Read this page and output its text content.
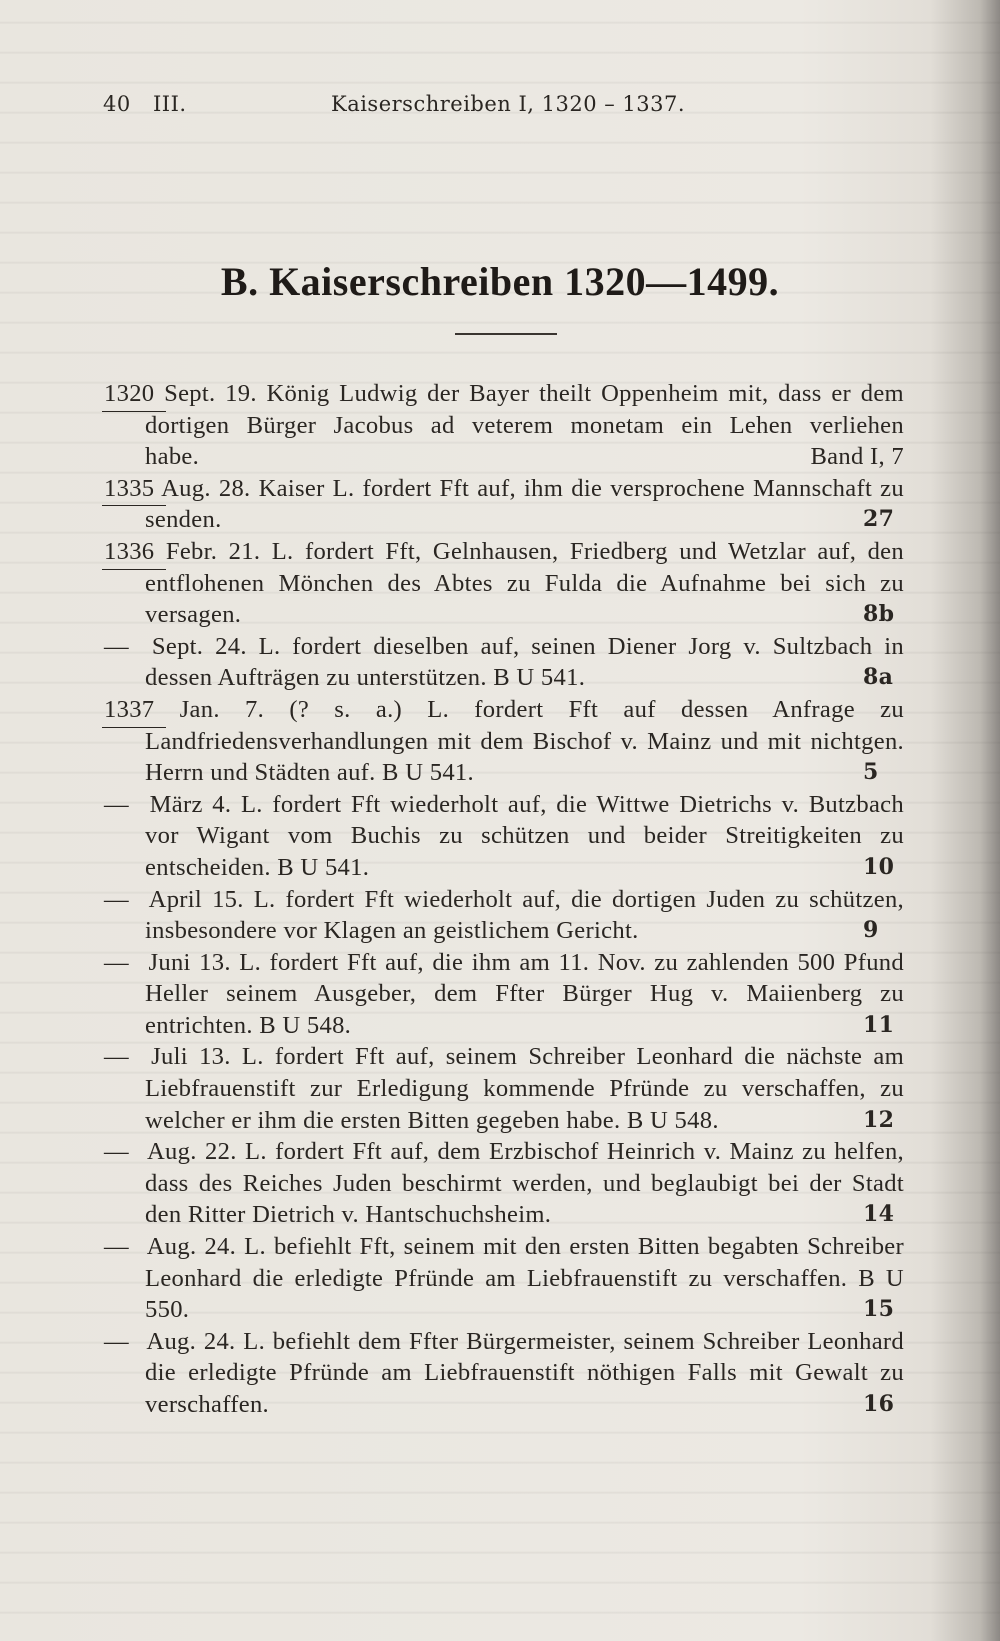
40 III.	Kaiserschreiben I, 1320 – 1337.
B. Kaiserschreiben 1320—1499.
1320 Sept. 19. König Ludwig der Bayer theilt Oppenheim mit, dass er dem dortigen Bürger Jacobus ad veterem monetam ein Lehen verliehen habe.	Band I, 7
1335 Aug. 28. Kaiser L. fordert Fft auf, ihm die versprochene Mannschaft zu senden.	27
1336 Febr. 21. L. fordert Fft, Gelnhausen, Friedberg und Wetzlar auf, den entflohenen Mönchen des Abtes zu Fulda die Aufnahme bei sich zu versagen.	8b
— Sept. 24. L. fordert dieselben auf, seinen Diener Jorg v. Sultzbach in dessen Aufträgen zu unterstützen. B U 541.	8a
1337 Jan. 7. (? s. a.) L. fordert Fft auf dessen Anfrage zu Landfriedensverhandlungen mit dem Bischof v. Mainz und mit nichtgen. Herrn und Städten auf. B U 541.	5
— März 4. L. fordert Fft wiederholt auf, die Wittwe Dietrichs v. Butzbach vor Wigant vom Buchis zu schützen und beider Streitigkeiten zu entscheiden. B U 541.	10
— April 15. L. fordert Fft wiederholt auf, die dortigen Juden zu schützen, insbesondere vor Klagen an geistlichem Gericht.	9
— Juni 13. L. fordert Fft auf, die ihm am 11. Nov. zu zahlenden 500 Pfund Heller seinem Ausgeber, dem Ffter Bürger Hug v. Maiienberg zu entrichten. B U 548.	11
— Juli 13. L. fordert Fft auf, seinem Schreiber Leonhard die nächste am Liebfrauenstift zur Erledigung kommende Pfründe zu verschaffen, zu welcher er ihm die ersten Bitten gegeben habe. B U 548.	12
— Aug. 22. L. fordert Fft auf, dem Erzbischof Heinrich v. Mainz zu helfen, dass des Reiches Juden beschirmt werden, und beglaubigt bei der Stadt den Ritter Dietrich v. Hantschuchsheim.	14
— Aug. 24. L. befiehlt Fft, seinem mit den ersten Bitten begabten Schreiber Leonhard die erledigte Pfründe am Liebfrauenstift zu verschaffen. B U 550.	15
— Aug. 24. L. befiehlt dem Ffter Bürgermeister, seinem Schreiber Leonhard die erledigte Pfründe am Liebfrauenstift nöthigen Falls mit Gewalt zu verschaffen.	16
